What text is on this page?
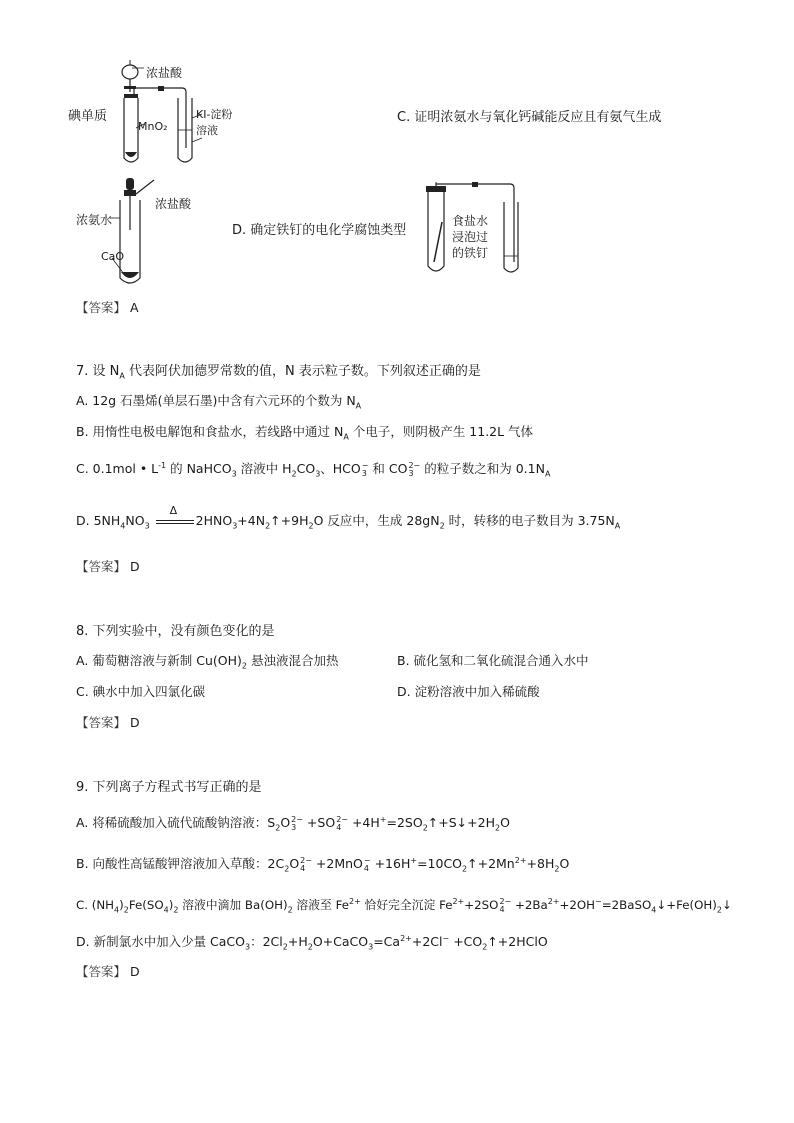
碘单质
浓盐酸
MnO₂
KI-淀粉
溶液
C. 证明浓氨水与氧化钙碱能反应且有氨气生成
浓氨水
浓盐酸
CaO
D. 确定铁钉的电化学腐蚀类型
食盐水
浸泡过
的铁钉
【答案】 A
7. 设 $N_A$ 代表阿伏加德罗常数的值，N 表示粒子数。下列叙述正确的是
A. 12g 石墨烯(单层石墨)中含有六元环的个数为 $N_A$
B. 用惰性电极电解饱和食盐水，若线路中通过 $N_A$ 个电子，则阴极产生 11.2L 气体
C. 0.1mol • $L^{-1}$ 的 NaHCO$_3$ 溶液中 $H_2CO_3$、HCO −
3 和 CO 2−
3 的粒子数之和为 $0.1N_A$
D. $5NH_4NO_3$
Δ
$2HNO_3+4N_2↑+9H_2O$ 反应中，生成 $28gN_2$ 时，转移的电子数目为 $3.75N_A$
【答案】 D
8. 下列实验中，没有颜色变化的是
A. 葡萄糖溶液与新制 $Cu(OH)_2$ 悬浊液混合加热	B. 硫化氢和二氧化硫混合通入水中
C. 碘水中加入四氯化碳	D. 淀粉溶液中加入稀硫酸
【答案】 D
9. 下列离子方程式书写正确的是
A. 将稀硫酸加入硫代硫酸钠溶液：$S_2O$ 2−
3 +SO 2−
$4 +4H^+=2SO_2↑+S↓+2H_2O$
B. 向酸性高锰酸钾溶液加入草酸：$2C_2O$ 2−
4 +2MnO −
$4 +16H^+=10CO_2↑+2Mn^{2+}+8H_2O$
C. $(NH_4)_2Fe(SO_4)_2$ 溶液中滴加 $Ba(OH)_2$ 溶液至 $Fe^{2+}$ 恰好完全沉淀 $Fe^{2+}+2SO$ 2−
$4 +2Ba^{2+}+2OH^-=2BaSO_4↓+Fe(OH)_2↓$
D. 新制氯水中加入少量 CaCO$_3$：$2Cl_2+H_2O+CaCO_3=Ca^{2+}+2Cl^-$ $+CO_2↑+2HClO$
【答案】 D
